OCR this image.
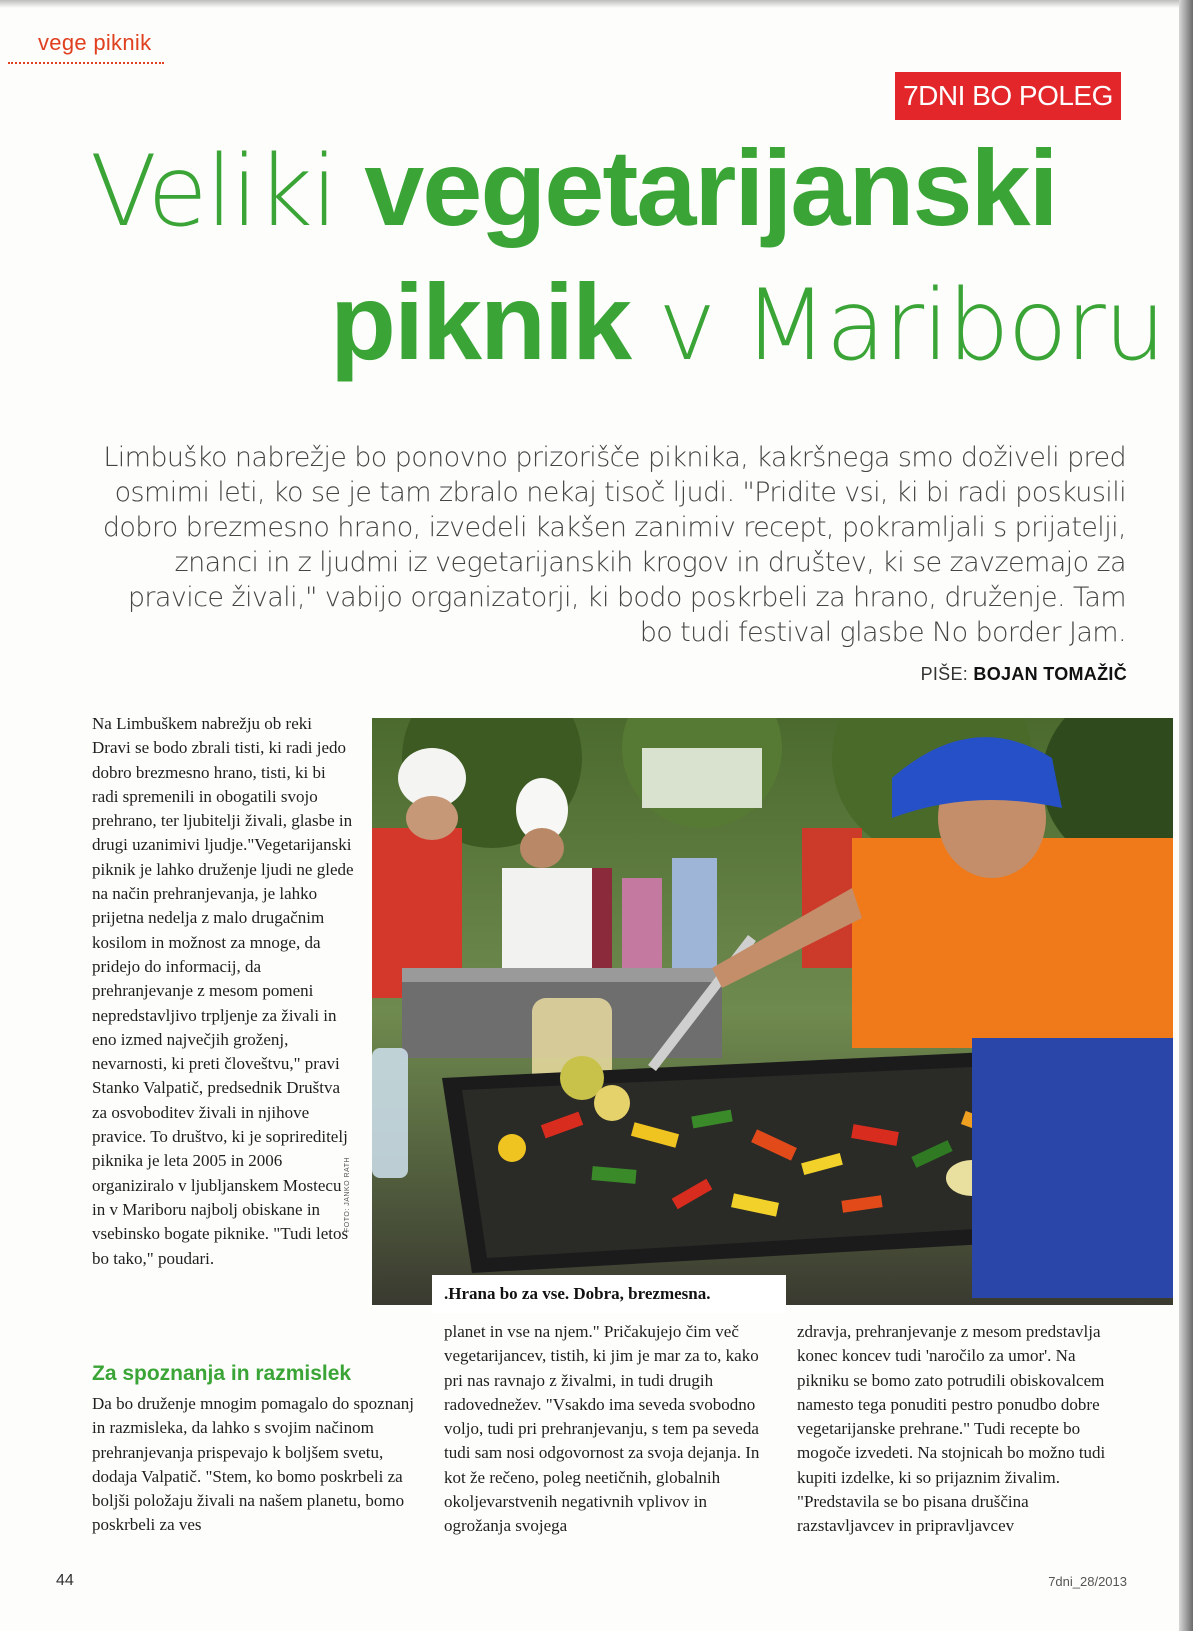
vege piknik
7DNI BO POLEG
Veliki vegetarijanski
piknik v Mariboru
Limbuško nabrežje bo ponovno prizorišče piknika, kakršnega smo doživeli pred osmimi leti, ko se je tam zbralo nekaj tisoč ljudi. "Pridite vsi, ki bi radi poskusili dobro brezmesno hrano, izvedeli kakšen zanimiv recept, pokramljali s prijatelji, znanci in z ljudmi iz vegetarijanskih krogov in društev, ki se zavzemajo za pravice živali," vabijo organizatorji, ki bodo poskrbeli za hrano, druženje. Tam bo tudi festival glasbe No border Jam.
PIŠE: BOJAN TOMAŽIČ
Na Limbuškem nabrežju ob reki Dravi se bodo zbrali tisti, ki radi jedo dobro brezmesno hrano, tisti, ki bi radi spremenili in obogatili svojo prehrano, ter ljubitelji živali, glasbe in drugi uzanimivi ljudje."Vegetarijanski piknik je lahko druženje ljudi ne glede na način prehranjevanja, je lahko prijetna nedelja z malo drugačnim kosilom in možnost za mnoge, da pridejo do informacij, da prehranjevanje z mesom pomeni nepredstavljivo trpljenje za živali in eno izmed največjih groženj, nevarnosti, ki preti človeštvu," pravi Stanko Valpatič, predsednik Društva za osvoboditev živali in njihove pravice. To društvo, ki je soprireditelj piknika je leta 2005 in 2006 organiziralo v ljubljanskem Mostecu in v Mariboru najbolj obiskane in vsebinsko bogate piknike. "Tudi letos bo tako," poudari.
Za spoznanja in razmislek
Da bo druženje mnogim pomagalo do spoznanj in razmisleka, da lahko s svojim načinom prehranjevanja prispevajo k boljšem svetu, dodaja Valpatič. "Stem, ko bomo poskrbeli za boljši položaju živali na našem planetu, bomo poskrbeli za ves
planet in vse na njem." Pričakujejo čim več vegetarijancev, tistih, ki jim je mar za to, kako pri nas ravnajo z živalmi, in tudi drugih radovednežev. "Vsakdo ima seveda svobodno voljo, tudi pri prehranjevanju, s tem pa seveda tudi sam nosi odgovornost za svoja dejanja. In kot že rečeno, poleg neetičnih, globalnih okoljevarstvenih negativnih vplivov in ogrožanja svojega
zdravja, prehranjevanje z mesom predstavlja konec koncev tudi 'naročilo za umor'. Na pikniku se bomo zato potrudili obiskovalcem namesto tega ponuditi pestro ponudbo dobre vegetarijanske prehrane." Tudi recepte bo mogoče izvedeti. Na stojnicah bo možno tudi kupiti izdelke, ki so prijaznim živalim. "Predstavila se bo pisana druščina razstavljavcev in pripravljavcev
.Hrana bo za vse. Dobra, brezmesna.
FOTO: JANKO RATH
44	7dni_28/2013
